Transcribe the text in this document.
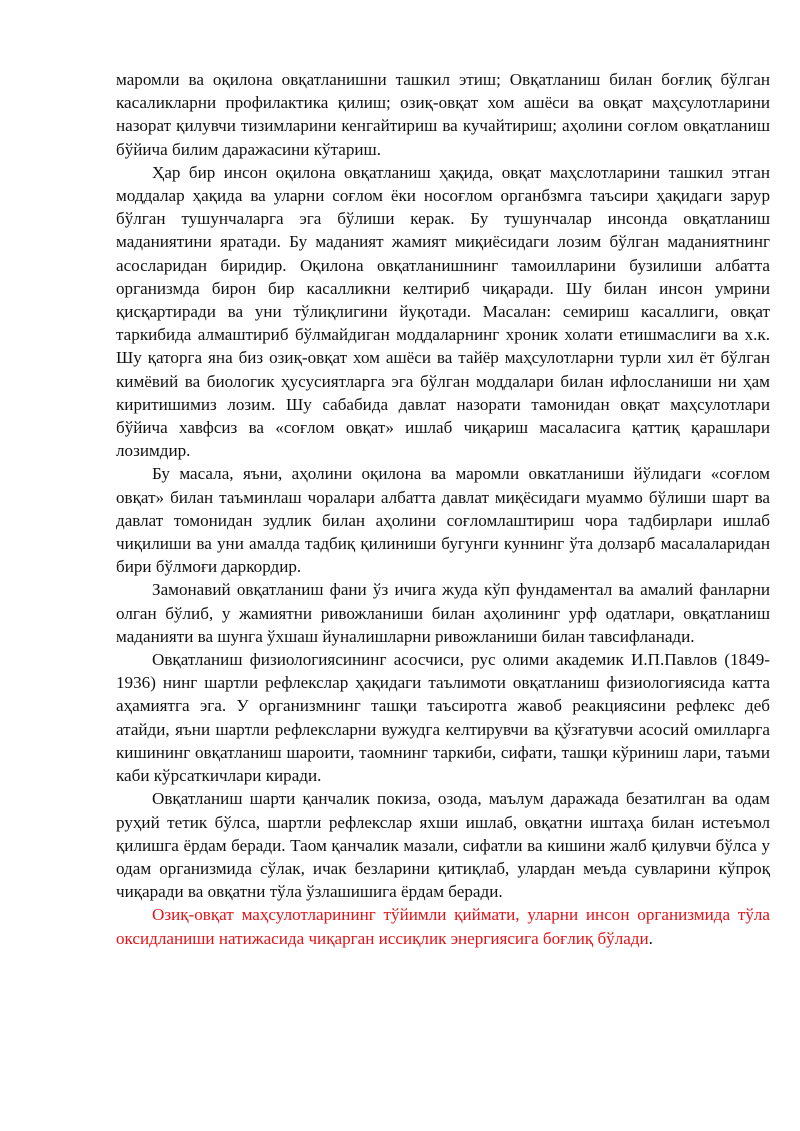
маромли ва оқилона овқатланишни ташкил этиш; Овқатланиш билан боғлиқ бўлган касаликларни профилактика қилиш; озиқ-овқат хом ашёси ва овқат маҳсулотларини назорат қилувчи тизимларини кенгайтириш ва кучайтириш; аҳолини соғлом овқатланиш бўйича билим даражасини кўтариш.

Ҳар бир инсон оқилона овқатланиш ҳақида, овқат маҳслотларини ташкил этган моддалар ҳақида ва уларни соғлом ёки носоғлом органбзмга таъсири ҳақидаги зарур бўлган тушунчаларга эга бўлиши керак. Бу тушунчалар инсонда овқатланиш маданиятини яратади. Бу маданият жамият миқиёсидаги лозим бўлган маданиятнинг асосларидан биридир. Оқилона овқатланишнинг тамоилларини бузилиши албатта организмда бирон бир касалликни келтириб чиқаради. Шу билан инсон умрини қисқартиради ва уни тўлиқлигини йуқотади. Масалан: семириш касаллиги, овқат таркибида алмаштириб бўлмайдиган моддаларнинг хроник холати етишмаслиги ва х.к. Шу қаторга яна биз озиқ-овқат хом ашёси ва тайёр маҳсулотларни турли хил ёт бўлган кимёвий ва биологик ҳусусиятларга эга бўлган моддалари билан ифлосланиши ни ҳам киритишимиз лозим. Шу сабабида давлат назорати тамонидан овқат маҳсулотлари бўйича хавфсиз ва «соғлом овқат» ишлаб чиқариш масаласига қаттиқ қарашлари лозимдир.

Бу масала, яъни, аҳолини оқилона ва маромли овкатланиши йўлидаги «соғлом овқат» билан таъминлаш чоралари албатта давлат миқёсидаги муаммо бўлиши шарт ва давлат томонидан зудлик билан аҳолини соғломлаштириш чора тадбирлари ишлаб чиқилиши ва уни амалда тадбиқ қилиниши бугунги куннинг ўта долзарб масалаларидан бири бўлмоғи даркордир.

Замонавий овқатланиш фани ўз ичига жуда кўп фундаментал ва амалий фанларни олган бўлиб, у жамиятни ривожланиши билан аҳолининг урф одатлари, овқатланиш маданияти ва шунга ўхшаш йуналишларни ривожланиши билан тавсифланади.

Овқатланиш физиологиясининг асосчиси, рус олими академик И.П.Павлов (1849-1936) нинг шартли рефлекслар ҳақидаги таълимоти овқатланиш физиологиясида катта аҳамиятга эга. У организмнинг ташқи таъсиротга жавоб реакциясини рефлекс деб атайди, яъни шартли рефлексларни вужудга келтирувчи ва қўзғатувчи асосий омилларга кишининг овқатланиш шароити, таомнинг таркиби, сифати, ташқи кўриниш лари, таъми каби кўрсаткичлари киради.

Овқатланиш шарти қанчалик покиза, озода, маълум даражада безатилган ва одам руҳий тетик бўлса, шартли рефлекслар яхши ишлаб, овқатни иштаҳа билан истеъмол қилишга ёрдам беради. Таом қанчалик мазали, сифатли ва кишини жалб қилувчи бўлса у одам организмида сўлак, ичак безларини қитиқлаб, улардан меъда сувларини кўпроқ чиқаради ва овқатни тўла ўзлашишига ёрдам беради.

Озиқ-овқат маҳсулотларининг тўйимли қиймати, уларни инсон организмида тўла оксидланиши натижасида чиқарган иссиқлик энергиясига боғлиқ бўлади.
